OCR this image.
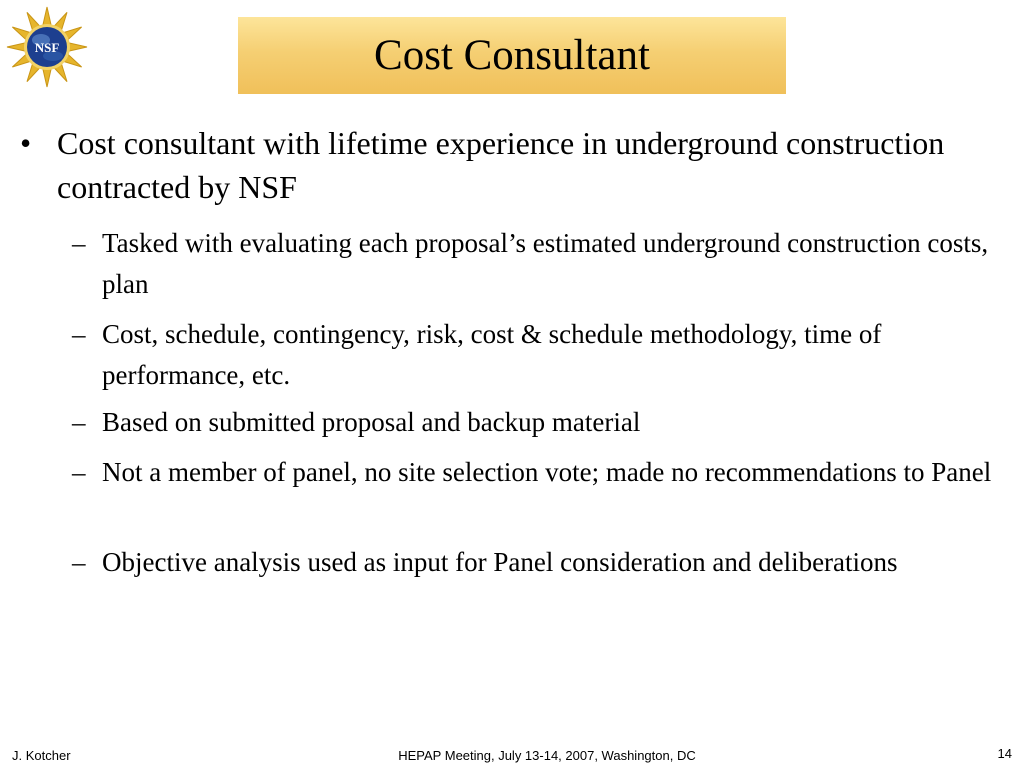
NSF	Cost Consultant
• Cost consultant with lifetime experience in underground construction contracted by NSF
– Tasked with evaluating each proposal’s estimated underground construction costs, plan
– Cost, schedule, contingency, risk, cost & schedule methodology, time of performance, etc.
– Based on submitted proposal and backup material
– Not a member of panel, no site selection vote; made no recommendations to Panel
– Objective analysis used as input for Panel consideration and deliberations
J. Kotcher	HEPAP Meeting, July 13-14, 2007, Washington, DC	14
